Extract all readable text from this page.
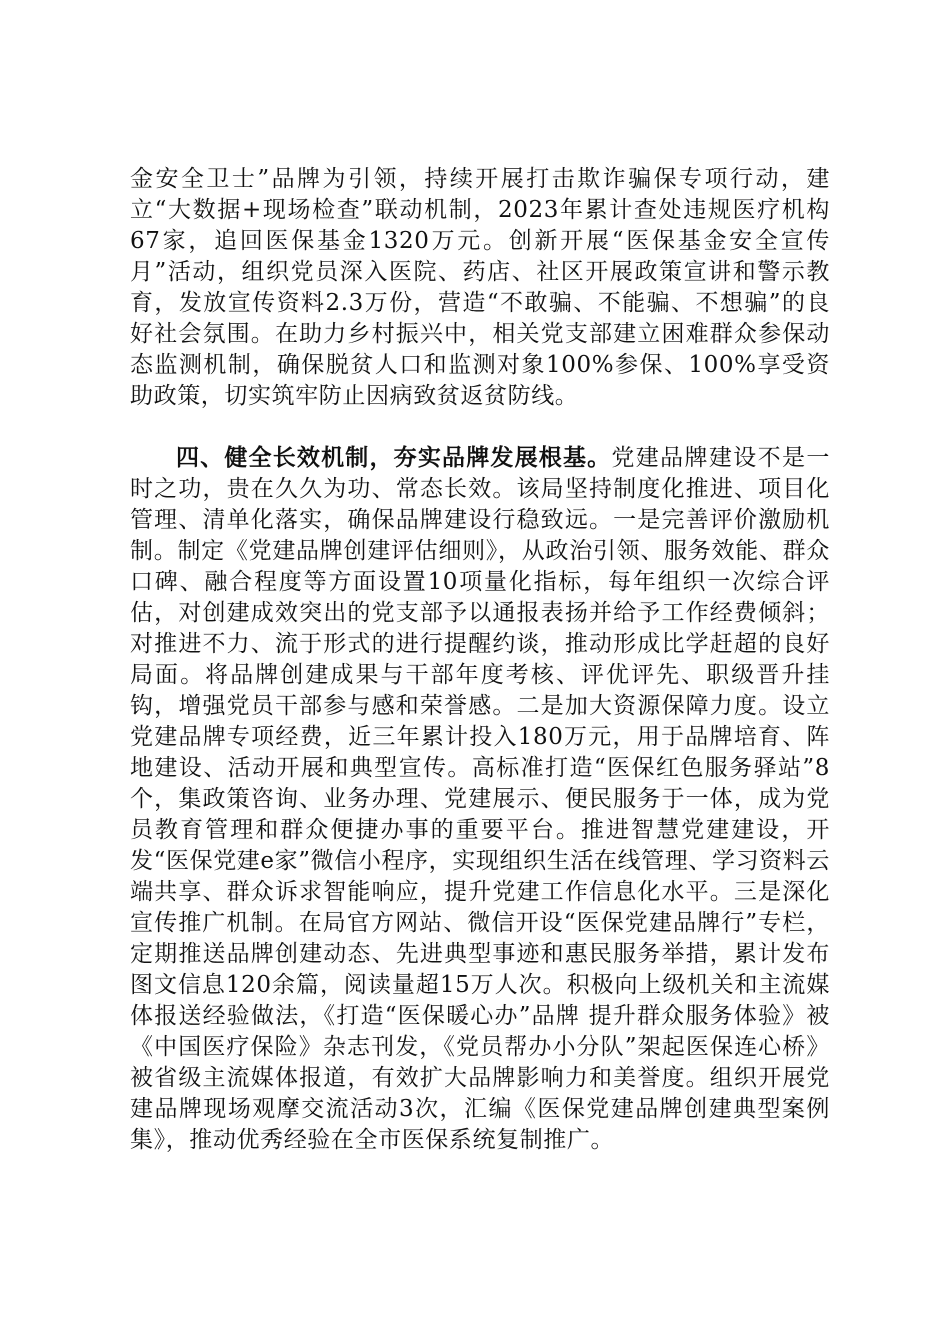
金安全卫士”品牌为引领，持续开展打击欺诈骗保专项行动，建立“大数据+现场检查”联动机制，2023年累计查处违规医疗机构67家，追回医保基金1320万元。创新开展“医保基金安全宣传月”活动，组织党员深入医院、药店、社区开展政策宣讲和警示教育，发放宣传资料2.3万份，营造“不敢骗、不能骗、不想骗”的良好社会氛围。在助力乡村振兴中，相关党支部建立困难群众参保动态监测机制，确保脱贫人口和监测对象100%参保、100%享受资助政策，切实筑牢防止因病致贫返贫防线。

四、健全长效机制，夯实品牌发展根基。党建品牌建设不是一时之功，贵在久久为功、常态长效。该局坚持制度化推进、项目化管理、清单化落实，确保品牌建设行稳致远。一是完善评价激励机制。制定《党建品牌创建评估细则》，从政治引领、服务效能、群众口碑、融合程度等方面设置10项量化指标，每年组织一次综合评估，对创建成效突出的党支部予以通报表扬并给予工作经费倾斜；对推进不力、流于形式的进行提醒约谈，推动形成比学赶超的良好局面。将品牌创建成果与干部年度考核、评优评先、职级晋升挂钩，增强党员干部参与感和荣誉感。二是加大资源保障力度。设立党建品牌专项经费，近三年累计投入180万元，用于品牌培育、阵地建设、活动开展和典型宣传。高标准打造“医保红色服务驿站”8个，集政策咨询、业务办理、党建展示、便民服务于一体，成为党员教育管理和群众便捷办事的重要平台。推进智慧党建建设，开发“医保党建e家”微信小程序，实现组织生活在线管理、学习资料云端共享、群众诉求智能响应，提升党建工作信息化水平。三是深化宣传推广机制。在局官方网站、微信开设“医保党建品牌行”专栏，定期推送品牌创建动态、先进典型事迹和惠民服务举措，累计发布图文信息120余篇，阅读量超15万人次。积极向上级机关和主流媒体报送经验做法，《打造“医保暖心办”品牌 提升群众服务体验》被《中国医疗保险》杂志刊发，《党员帮办小分队”架起医保连心桥》被省级主流媒体报道，有效扩大品牌影响力和美誉度。组织开展党建品牌现场观摩交流活动3次，汇编《医保党建品牌创建典型案例集》，推动优秀经验在全市医保系统复制推广。
